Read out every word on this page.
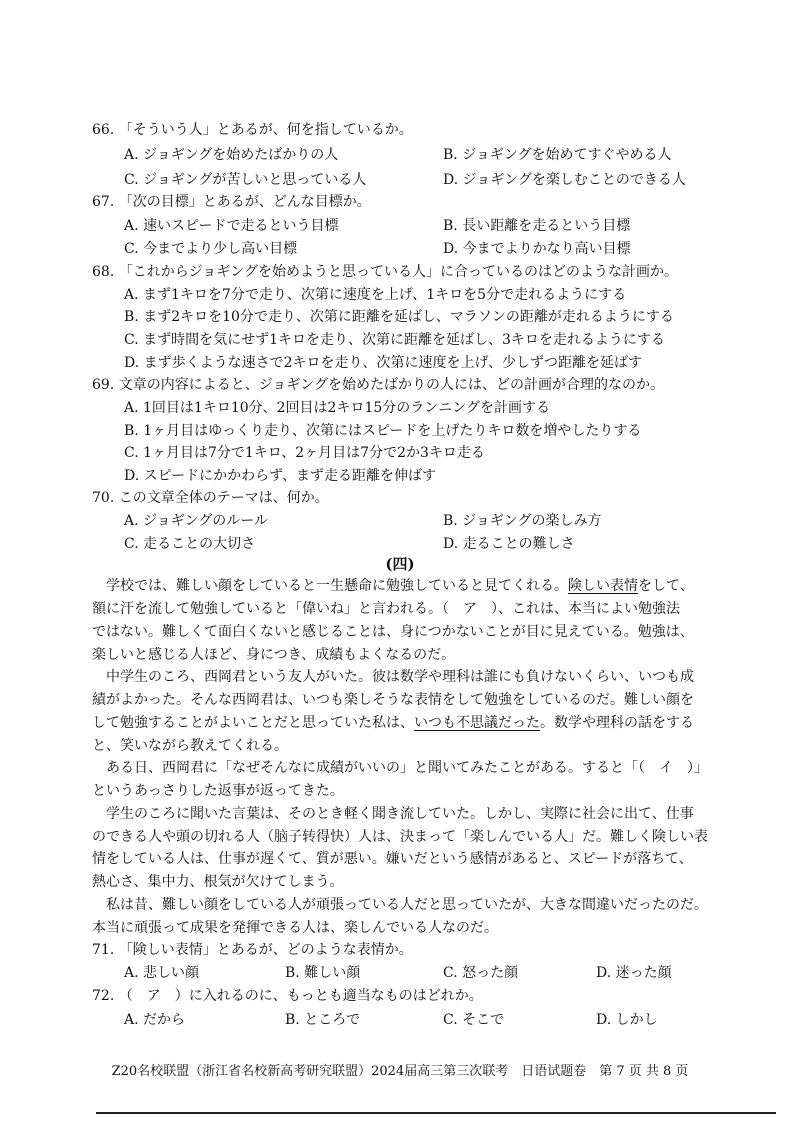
66. 「そういう人」とあるが、何を指しているか。
A. ジョギングを始めたばかりの人	B. ジョギングを始めてすぐやめる人
C. ジョギングが苦しいと思っている人	D. ジョギングを楽しむことのできる人
67. 「次の目標」とあるが、どんな目標か。
A. 速いスピードで走るという目標	B. 長い距離を走るという目標
C. 今までより少し高い目標	D. 今までよりかなり高い目標
68. 「これからジョギングを始めようと思っている人」に合っているのはどのような計画か。
A. まず1キロを7分で走り、次第に速度を上げ、1キロを5分で走れるようにする
B. まず2キロを10分で走り、次第に距離を延ばし、マラソンの距離が走れるようにする
C. まず時間を気にせず1キロを走り、次第に距離を延ばし、3キロを走れるようにする
D. まず歩くような速さで2キロを走り、次第に速度を上げ、少しずつ距離を延ばす
69. 文章の内容によると、ジョギングを始めたばかりの人には、どの計画が合理的なのか。
A. 1回目は1キロ10分、2回目は2キロ15分のランニングを計画する
B. 1ヶ月目はゆっくり走り、次第にはスピードを上げたりキロ数を増やしたりする
C. 1ヶ月目は7分で1キロ、2ヶ月目は7分で2か3キロ走る
D. スピードにかかわらず、まず走る距離を伸ばす
70. この文章全体のテーマは、何か。
A. ジョギングのルール	B. ジョギングの楽しみ方
C. 走ることの大切さ	D. 走ることの難しさ
(四)
学校では、難しい顔をしていると一生懸命に勉強していると見てくれる。険しい表情をして、
額に汗を流して勉強していると「偉いね」と言われる。（　ア　）、これは、本当によい勉強法
ではない。難しくて面白くないと感じることは、身につかないことが目に見えている。勉強は、
楽しいと感じる人ほど、身につき、成績もよくなるのだ。
中学生のころ、西岡君という友人がいた。彼は数学や理科は誰にも負けないくらい、いつも成
績がよかった。そんな西岡君は、いつも楽しそうな表情をして勉強をしているのだ。難しい顔を
して勉強することがよいことだと思っていた私は、いつも不思議だった。数学や理科の話をする
と、笑いながら教えてくれる。
ある日、西岡君に「なぜそんなに成績がいいの」と聞いてみたことがある。すると「（　イ　）」
というあっさりした返事が返ってきた。
学生のころに聞いた言葉は、そのとき軽く聞き流していた。しかし、実際に社会に出て、仕事
のできる人や頭の切れる人（脑子转得快）人は、決まって「楽しんでいる人」だ。難しく険しい表
情をしている人は、仕事が遅くて、質が悪い。嫌いだという感情があると、スピードが落ちて、
熱心さ、集中力、根気が欠けてしまう。
私は昔、難しい顔をしている人が頑張っている人だと思っていたが、大きな間違いだったのだ。
本当に頑張って成果を発揮できる人は、楽しんでいる人なのだ。
71. 「険しい表情」とあるが、どのような表情か。
A. 悲しい顔	B. 難しい顔	C. 怒った顔	D. 迷った顔
72. （　ア　）に入れるのに、もっとも適当なものはどれか。
A. だから	B. ところで	C. そこで	D. しかし
Z20名校联盟（浙江省名校新高考研究联盟）2024届高三第三次联考　日语试题卷　第 7 页 共 8 页
